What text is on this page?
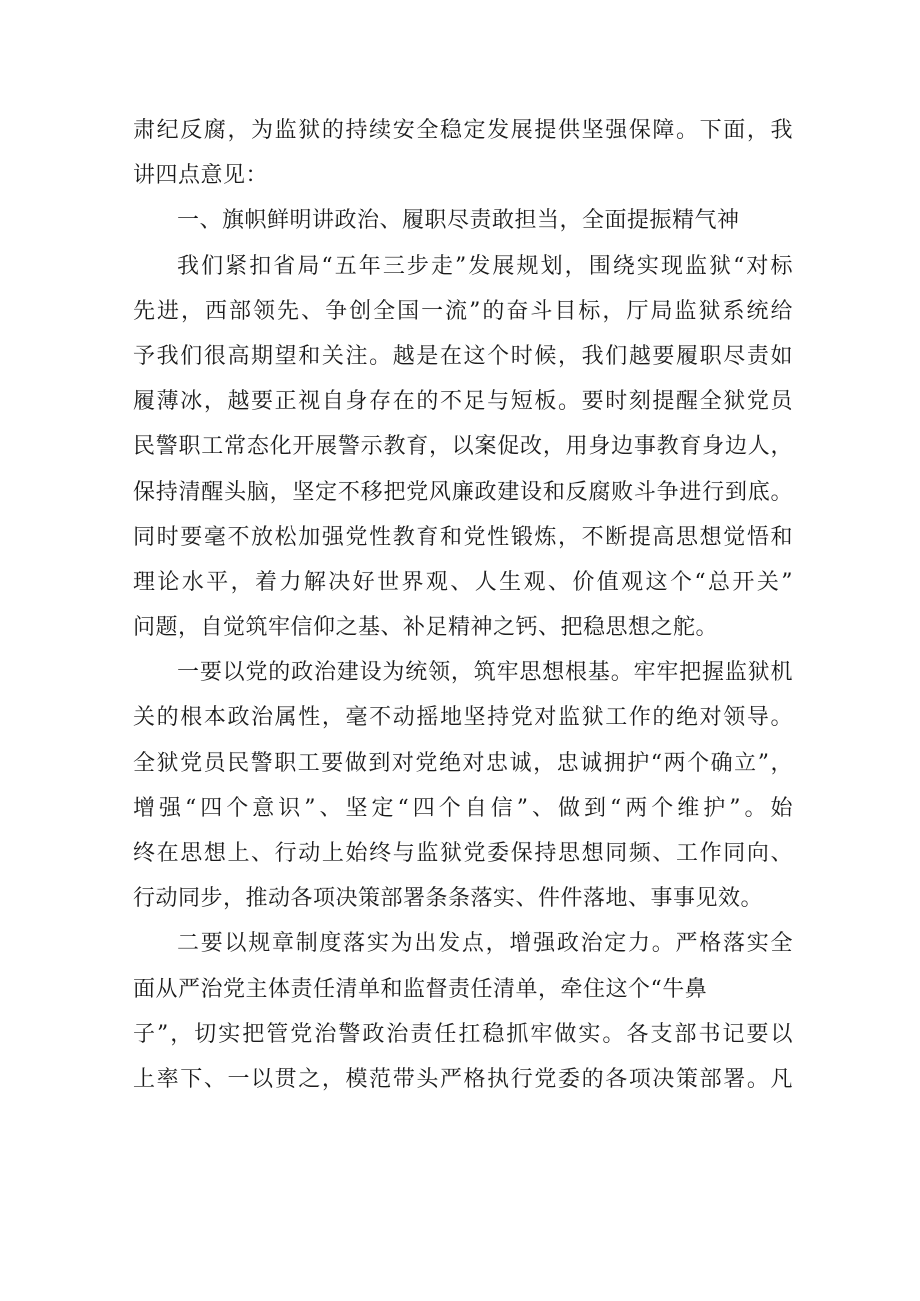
肃纪反腐，为监狱的持续安全稳定发展提供坚强保障。下面，我
讲四点意见：
一、旗帜鲜明讲政治、履职尽责敢担当，全面提振精气神
我们紧扣省局“五年三步走”发展规划，围绕实现监狱“对标
先进，西部领先、争创全国一流”的奋斗目标，厅局监狱系统给
予我们很高期望和关注。越是在这个时候，我们越要履职尽责如
履薄冰，越要正视自身存在的不足与短板。要时刻提醒全狱党员
民警职工常态化开展警示教育，以案促改，用身边事教育身边人，
保持清醒头脑，坚定不移把党风廉政建设和反腐败斗争进行到底。
同时要毫不放松加强党性教育和党性锻炼，不断提高思想觉悟和
理论水平，着力解决好世界观、人生观、价值观这个“总开关”
问题，自觉筑牢信仰之基、补足精神之钙、把稳思想之舵。
一要以党的政治建设为统领，筑牢思想根基。牢牢把握监狱机
关的根本政治属性，毫不动摇地坚持党对监狱工作的绝对领导。
全狱党员民警职工要做到对党绝对忠诚，忠诚拥护“两个确立”，
增强“四个意识”、坚定“四个自信”、做到“两个维护”。始
终在思想上、行动上始终与监狱党委保持思想同频、工作同向、
行动同步，推动各项决策部署条条落实、件件落地、事事见效。
二要以规章制度落实为出发点，增强政治定力。严格落实全
面从严治党主体责任清单和监督责任清单，牵住这个“牛鼻
子”，切实把管党治警政治责任扛稳抓牢做实。各支部书记要以
上率下、一以贯之，模范带头严格执行党委的各项决策部署。凡
